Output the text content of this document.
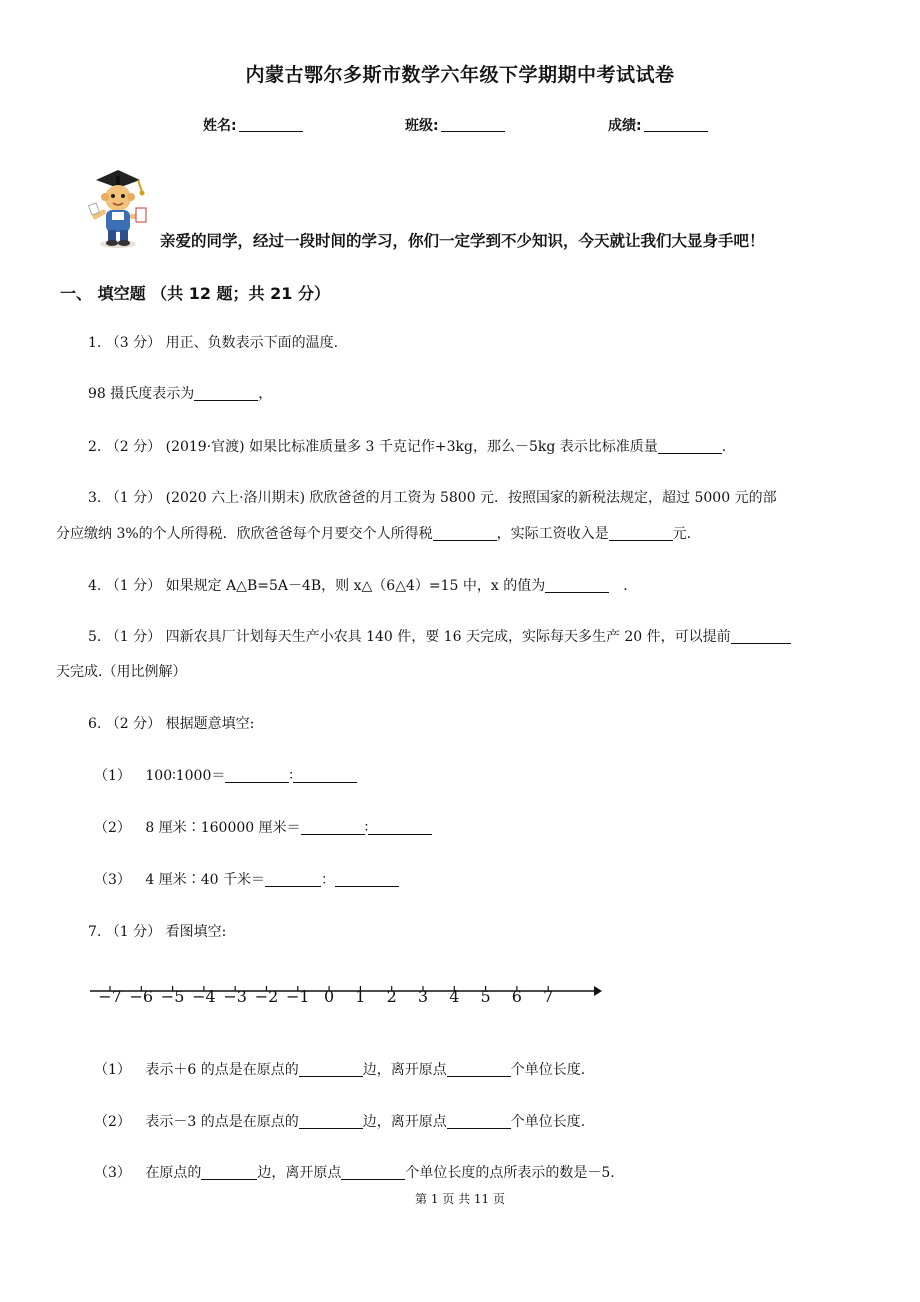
内蒙古鄂尔多斯市数学六年级下学期期中考试试卷
姓名:	班级:	成绩:
亲爱的同学，经过一段时间的学习，你们一定学到不少知识，今天就让我们大显身手吧！
一、 填空题 （共 12 题；共 21 分）
1. （3 分） 用正、负数表示下面的温度.
98 摄氏度表示为	，
2. （2 分） (2019·官渡) 如果比标准质量多 3 千克记作+3kg，那么－5kg 表示比标准质量	.
3. （1 分） (2020 六上·洛川期末) 欣欣爸爸的月工资为 5800 元．按照国家的新税法规定，超过 5000 元的部
分应缴纳 3%的个人所得税．欣欣爸爸每个月要交个人所得税	，实际工资收入是	元.
4. （1 分） 如果规定 A△B=5A－4B，则 x△（6△4）=15 中，x 的值为	.
5. （1 分） 四新农具厂计划每天生产小农具 140 件，要 16 天完成，实际每天多生产 20 件，可以提前
天完成.（用比例解）
6. （2 分） 根据题意填空:
（1） 100∶1000＝	∶
（2） 8 厘米∶160000 厘米＝	∶
（3） 4 厘米∶40 千米＝	：
7. （1 分） 看图填空:
−7 −6 −5 −4 −3 −2 −1 0 1 2 3 4 5 6 7
（1） 表示＋6 的点是在原点的	边，离开原点	个单位长度.
（2） 表示－3 的点是在原点的	边，离开原点	个单位长度.
（3） 在原点的	边，离开原点	个单位长度的点所表示的数是－5.
第 1 页 共 11 页
